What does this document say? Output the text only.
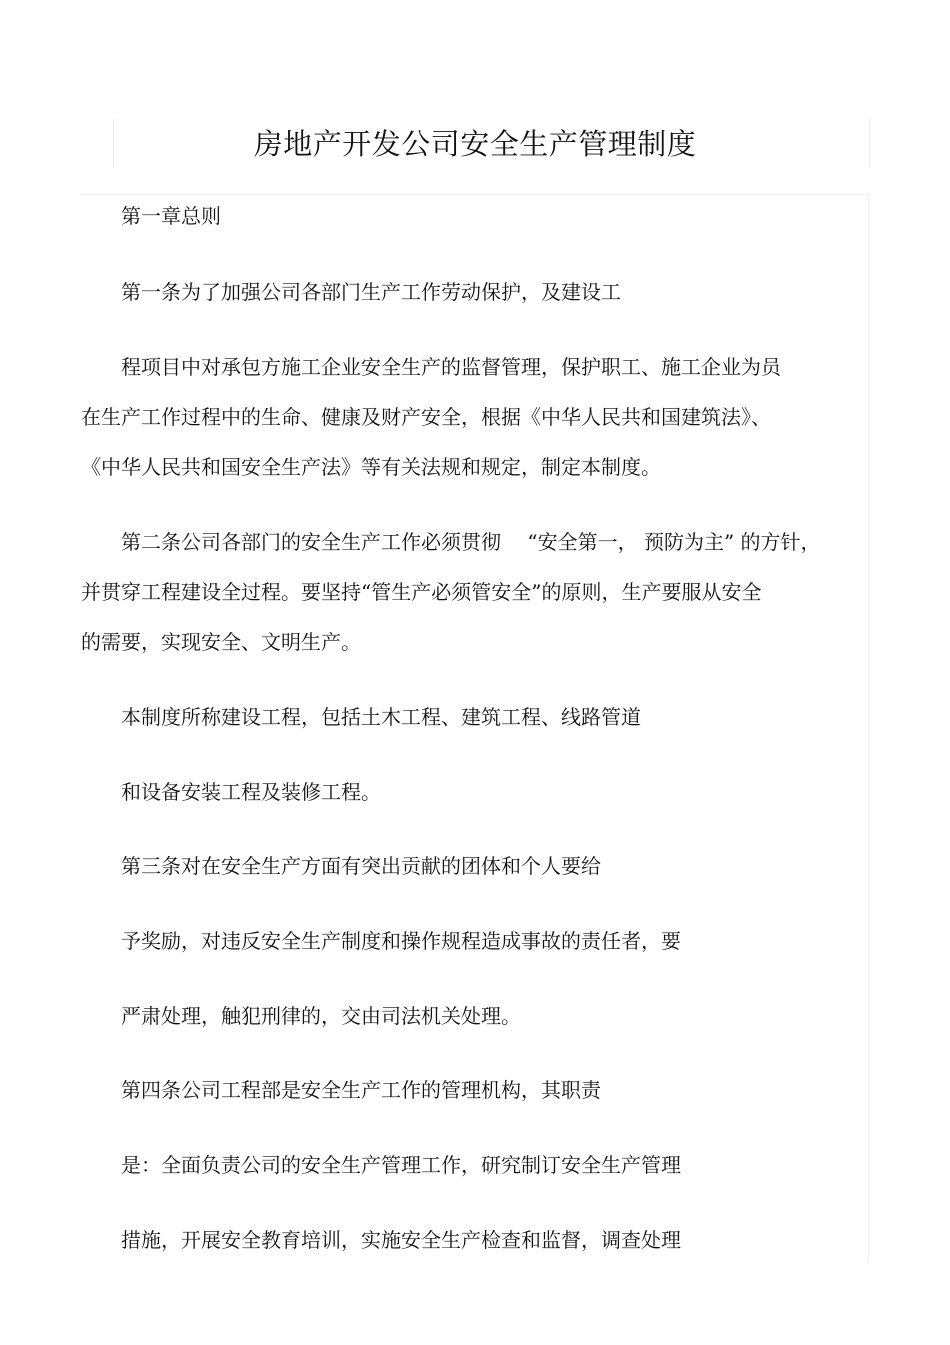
房地产开发公司安全生产管理制度
第一章总则
第一条为了加强公司各部门生产工作劳动保护，及建设工
程项目中对承包方施工企业安全生产的监督管理，保护职工、施工企业为员
在生产工作过程中的生命、健康及财产安全，根据《中华人民共和国建筑法》、
《中华人民共和国安全生产法》等有关法规和规定，制定本制度。
第二条公司各部门的安全生产工作必须贯彻　 “安全第一， 预防为主” 的方针，
并贯穿工程建设全过程。要坚持“管生产必须管安全”的原则，生产要服从安全
的需要，实现安全、文明生产。
本制度所称建设工程，包括土木工程、建筑工程、线路管道
和设备安装工程及装修工程。
第三条对在安全生产方面有突出贡献的团体和个人要给
予奖励，对违反安全生产制度和操作规程造成事故的责任者，要
严肃处理，触犯刑律的，交由司法机关处理。
第四条公司工程部是安全生产工作的管理机构，其职责
是：全面负责公司的安全生产管理工作，研究制订安全生产管理
措施，开展安全教育培训，实施安全生产检查和监督，调查处理
